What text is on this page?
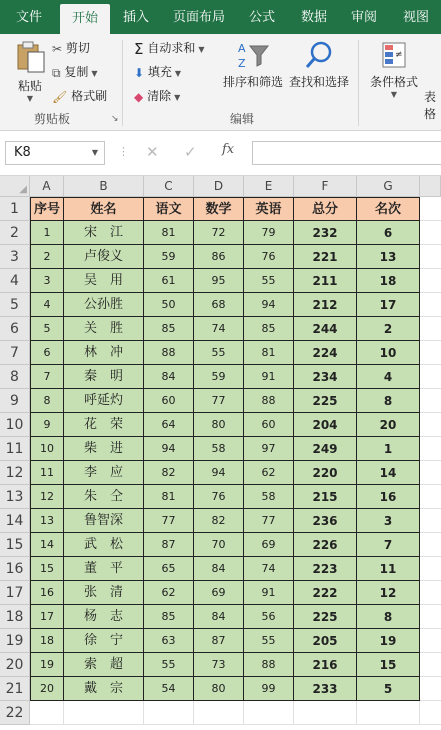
文件	开始	插入	页面布局	公式	数据	审阅	视图
粘贴
▼
✂ 剪切
⧉ 复制 ▼
🖌 格式刷
剪贴板	↘
Σ 自动求和 ▼
⬇ 填充 ▼
◆ 清除 ▼
A
Z
排序和筛选 查找和选择
编辑
≠
条件格式
▼	表格
K8	▼ ⋮ ✕ ✓ fx
◢	A	B	C	D	E	F	G
1
2
3
4
5
6
7
8
9
10
11
12
13
14
15
16
17
18
19
20
21
22
序号	姓名	语文	数学	英语	总分	名次
1	宋　江	81	72	79	232	6
2	卢俊义	59	86	76	221	13
3	吴　用	61	95	55	211	18
4	公孙胜	50	68	94	212	17
5	关　胜	85	74	85	244	2
6	林　冲	88	55	81	224	10
7	秦　明	84	59	91	234	4
8	呼延灼	60	77	88	225	8
9	花　荣	64	80	60	204	20
10	柴　进	94	58	97	249	1
11	李　应	82	94	62	220	14
12	朱　仝	81	76	58	215	16
13	鲁智深	77	82	77	236	3
14	武　松	87	70	69	226	7
15	董　平	65	84	74	223	11
16	张　清	62	69	91	222	12
17	杨　志	85	84	56	225	8
18	徐　宁	63	87	55	205	19
19	索　超	55	73	88	216	15
20	戴　宗	54	80	99	233	5
